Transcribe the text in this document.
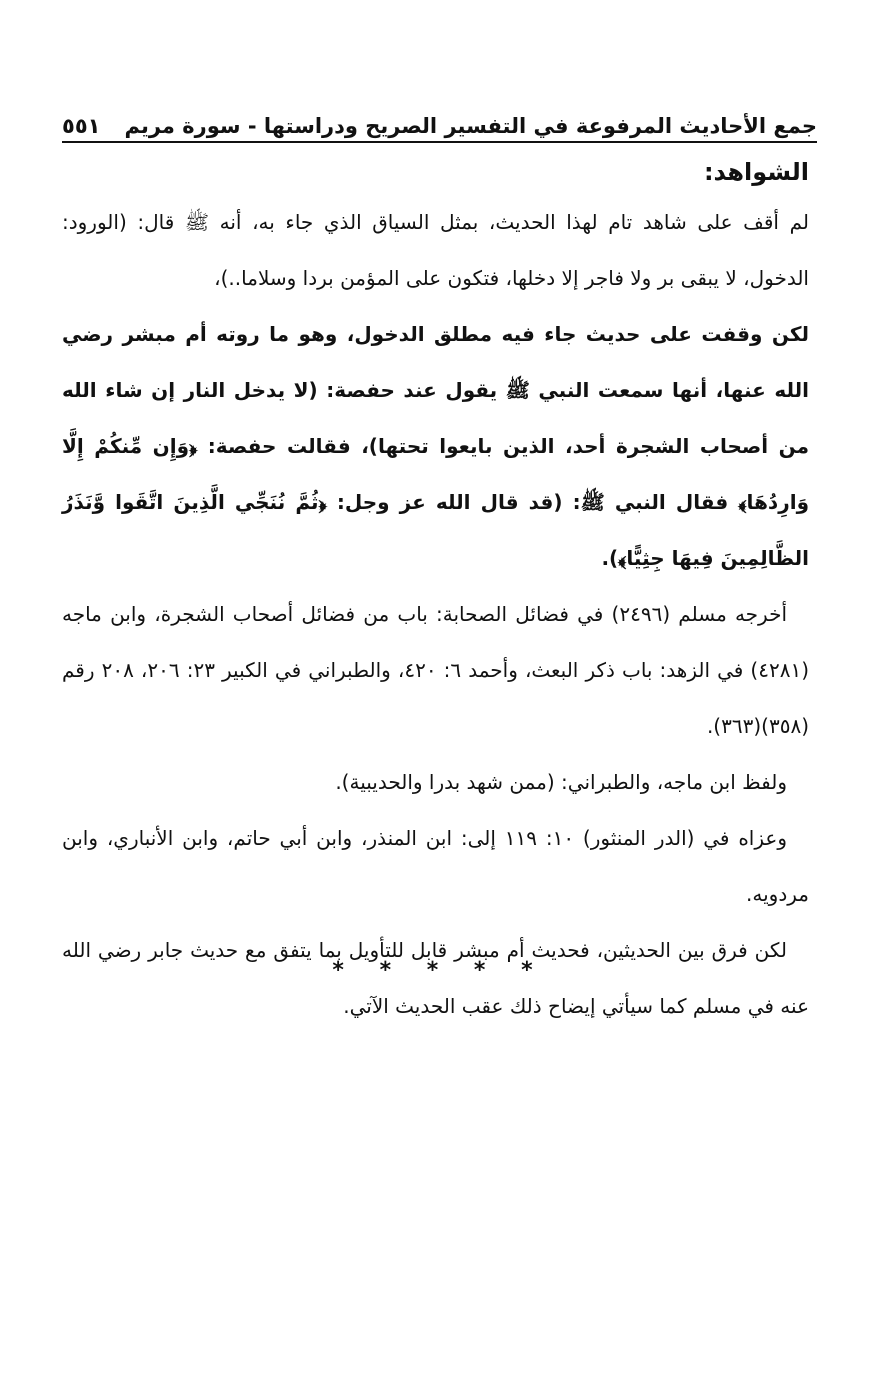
جمع الأحاديث المرفوعة في التفسير الصريح ودراستها - سورة مريم
٥٥١
الشواهد:

لم أقف على شاهد تام لهذا الحديث، بمثل السياق الذي جاء به، أنه ﷺ قال: (الورود: الدخول، لا يبقى بر ولا فاجر إلا دخلها، فتكون على المؤمن بردا وسلاما..)،

لكن وقفت على حديث جاء فيه مطلق الدخول، وهو ما روته أم مبشر رضي الله عنها، أنها سمعت النبي ﷺ يقول عند حفصة: (لا يدخل النار إن شاء الله من أصحاب الشجرة أحد، الذين بايعوا تحتها)، فقالت حفصة: ﴿وَإِن مِّنكُمْ إِلَّا وَارِدُهَا﴾ فقال النبي ﷺ: (قد قال الله عز وجل: ﴿ثُمَّ نُنَجِّي الَّذِينَ اتَّقَوا وَّنَذَرُ الظَّالِمِينَ فِيهَا جِثِيًّا﴾).

أخرجه مسلم (٢٤٩٦) في فضائل الصحابة: باب من فضائل أصحاب الشجرة، وابن ماجه (٤٢٨١) في الزهد: باب ذكر البعث، وأحمد ٦: ٤٢٠، والطبراني في الكبير ٢٣: ٢٠٦، ٢٠٨ رقم (٣٥٨)(٣٦٣).

ولفظ ابن ماجه، والطبراني: (ممن شهد بدرا والحديبية).

وعزاه في (الدر المنثور) ١٠: ١١٩ إلى: ابن المنذر، وابن أبي حاتم، وابن الأنباري، وابن مردويه.

لكن فرق بين الحديثين، فحديث أم مبشر قابل للتأويل بما يتفق مع حديث جابر رضي الله عنه في مسلم كما سيأتي إيضاح ذلك عقب الحديث الآتي.

* * * * *
